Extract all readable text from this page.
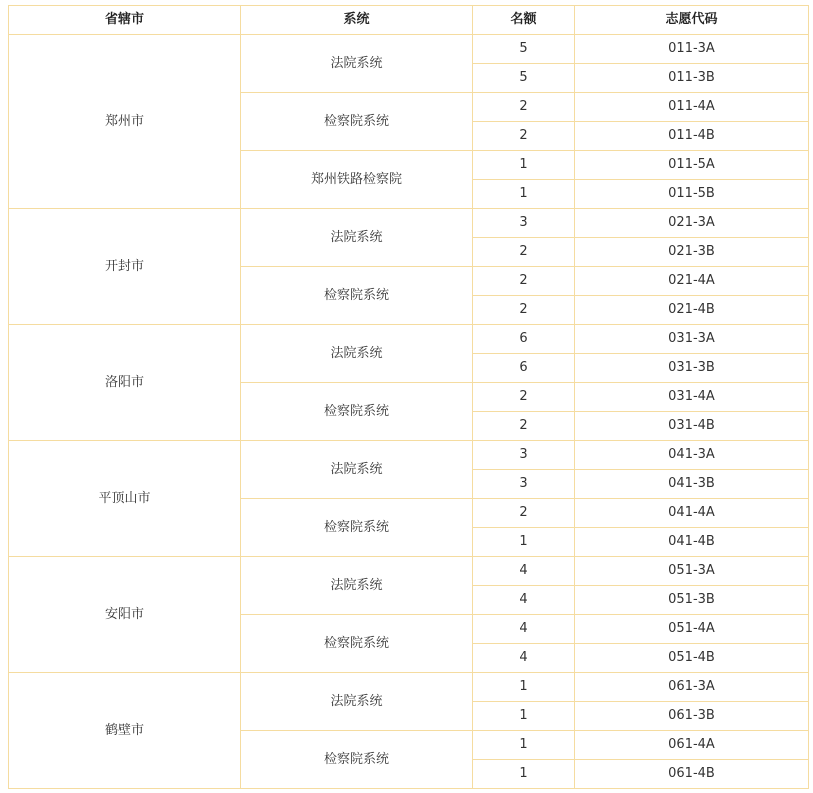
省辖市	系统	名额	志愿代码
郑州市	法院系统	5	011-3A
		5	011-3B
	检察院系统	2	011-4A
		2	011-4B
	郑州铁路检察院	1	011-5A
		1	011-5B
开封市	法院系统	3	021-3A
		2	021-3B
	检察院系统	2	021-4A
		2	021-4B
洛阳市	法院系统	6	031-3A
		6	031-3B
	检察院系统	2	031-4A
		2	031-4B
平顶山市	法院系统	3	041-3A
		3	041-3B
	检察院系统	2	041-4A
		1	041-4B
安阳市	法院系统	4	051-3A
		4	051-3B
	检察院系统	4	051-4A
		4	051-4B
鹤壁市	法院系统	1	061-3A
		1	061-3B
	检察院系统	1	061-4A
		1	061-4B
